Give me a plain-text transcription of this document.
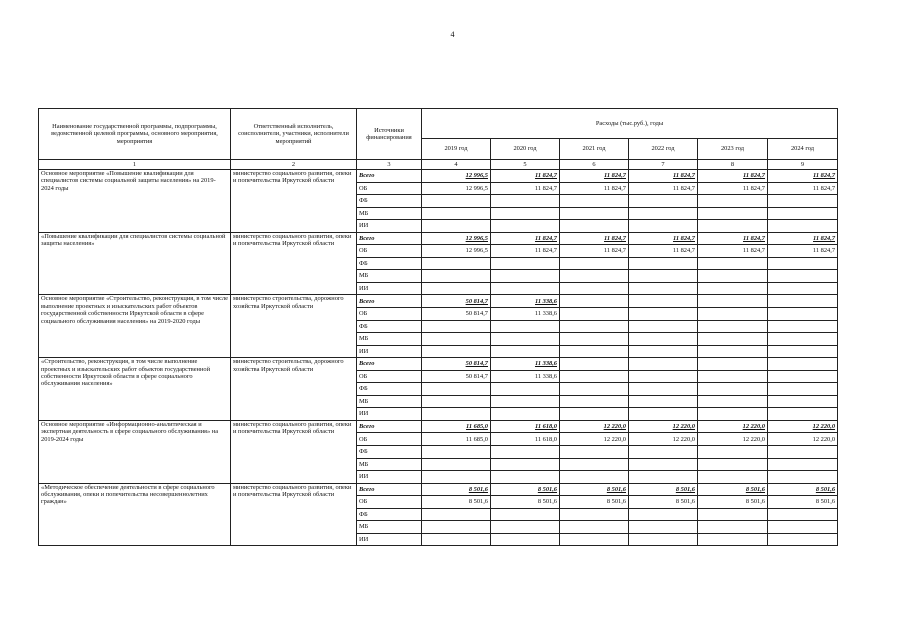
4
Наименование государственной программы, подпрограммы, ведомственной целевой программы, основного мероприятия, мероприятия	Ответственный исполнитель, соисполнители, участники, исполнители мероприятий	Источники финансирования	Расходы (тыс.руб.), годы					
			2019 год	2020 год	2021 год	2022 год	2023 год	2024 год
1	2	3	4	5	6	7	8	9
Основное мероприятие «Повышение квалификации для специалистов системы социальной защиты населения» на 2019-2024 годы	министерство социального развития, опеки и попечительства Иркутской области	Всего	12 996,5	11 824,7	11 824,7	11 824,7	11 824,7	11 824,7
		ОБ	12 996,5	11 824,7	11 824,7	11 824,7	11 824,7	11 824,7
		ФБ						
		МБ						
		ИИ						
«Повышение квалификации для специалистов системы социальной защиты населения»	министерство социального развития, опеки и попечительства Иркутской области	Всего	12 996,5	11 824,7	11 824,7	11 824,7	11 824,7	11 824,7
		ОБ	12 996,5	11 824,7	11 824,7	11 824,7	11 824,7	11 824,7
		ФБ						
		МБ						
		ИИ						
Основное мероприятие «Строительство, реконструкция, в том числе выполнение проектных и изыскательских работ объектов государственной собственности Иркутской области в сфере социального обслуживания населения» на 2019-2020 годы	министерство строительства, дорожного хозяйства Иркутской области	Всего	50 814,7	11 338,6				
		ОБ	50 814,7	11 338,6				
		ФБ						
		МБ						
		ИИ						
«Строительство, реконструкция, в том числе выполнение проектных и изыскательских работ объектов государственной собственности Иркутской области в сфере социального обслуживания населения»	министерство строительства, дорожного хозяйства Иркутской области	Всего	50 814,7	11 338,6				
		ОБ	50 814,7	11 338,6				
		ФБ						
		МБ						
		ИИ						
Основное мероприятие «Информационно-аналитическая и экспертная деятельность в сфере социального обслуживания» на 2019-2024 годы	министерство социального развития, опеки и попечительства Иркутской области	Всего	11 685,0	11 618,0	12 220,0	12 220,0	12 220,0	12 220,0
		ОБ	11 685,0	11 618,0	12 220,0	12 220,0	12 220,0	12 220,0
		ФБ						
		МБ						
		ИИ						
«Методическое обеспечение деятельности в сфере социального обслуживания, опеки и попечительства несовершеннолетних граждан»	министерство социального развития, опеки и попечительства Иркутской области	Всего	8 501,6	8 501,6	8 501,6	8 501,6	8 501,6	8 501,6
		ОБ	8 501,6	8 501,6	8 501,6	8 501,6	8 501,6	8 501,6
		ФБ						
		МБ						
		ИИ						
